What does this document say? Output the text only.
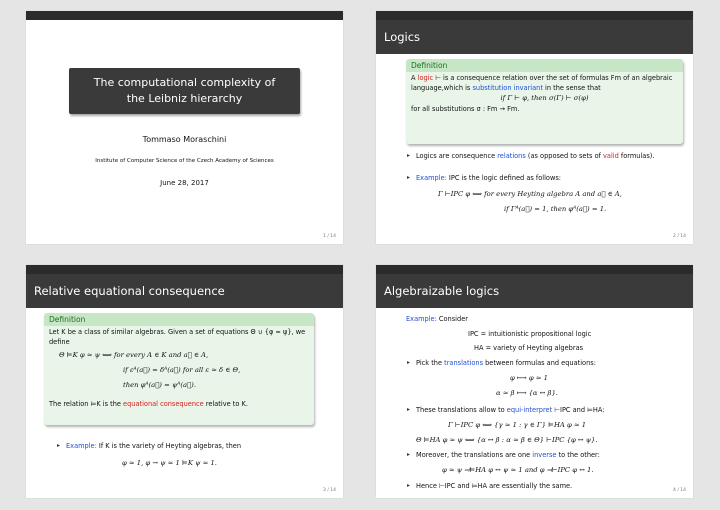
The computational complexity of the Leibniz hierarchy
Tommaso Moraschini
Institute of Computer Science of the Czech Academy of Sciences
June 28, 2017
1 / 14
Logics
Definition
A logic ⊢ is a consequence relation over the set of formulas Fm of an algebraic language,which is substitution invariant in the sense that
if Γ ⊢ φ, then σ(Γ) ⊢ σ(φ)
for all substitutions σ : Fm → Fm.
▸ Logics are consequence relations (as opposed to sets of valid formulas).
▸ Example: IPC is the logic defined as follows:
Γ ⊢IPC φ ⟺ for every Heyting algebra A and a⃗ ∈ A,
if Γᴬ(a⃗) = 1, then φᴬ(a⃗) = 1.
2 / 14
Relative equational consequence
Definition
Let K be a class of similar algebras. Given a set of equations Θ ∪ {φ ≈ ψ}, we define
Θ ⊨K φ ≈ ψ ⟺ for every A ∈ K and a⃗ ∈ A,
if εᴬ(a⃗) = δᴬ(a⃗) for all ε ≈ δ ∈ Θ,
then φᴬ(a⃗) = ψᴬ(a⃗).
The relation ⊨K is the equational consequence relative to K.
▸ Example: If K is the variety of Heyting algebras, then
φ ≈ 1, φ → ψ ≈ 1 ⊨K ψ ≈ 1.
3 / 14
Algebraizable logics
Example: Consider
IPC = intuitionistic propositional logic
HA = variety of Heyting algebras
▸ Pick the translations between formulas and equations:
φ ⟼ φ ≈ 1
α ≈ β ⟼ {α ↔ β}.
▸ These translations allow to equi-interpret ⊢IPC and ⊨HA:
Γ ⊢IPC φ ⟺ {γ ≈ 1 : γ ∈ Γ} ⊨HA φ ≈ 1
Θ ⊨HA φ ≈ ψ ⟺ {α ↔ β : α ≈ β ∈ Θ} ⊢IPC {φ ↔ ψ}.
▸ Moreover, the translations are one inverse to the other:
φ ≈ ψ ⫤⊨HA φ ↔ ψ ≈ 1 and φ ⫤⊢IPC φ ↔ 1.
▸ Hence ⊢IPC and ⊨HA are essentially the same.
4 / 14
